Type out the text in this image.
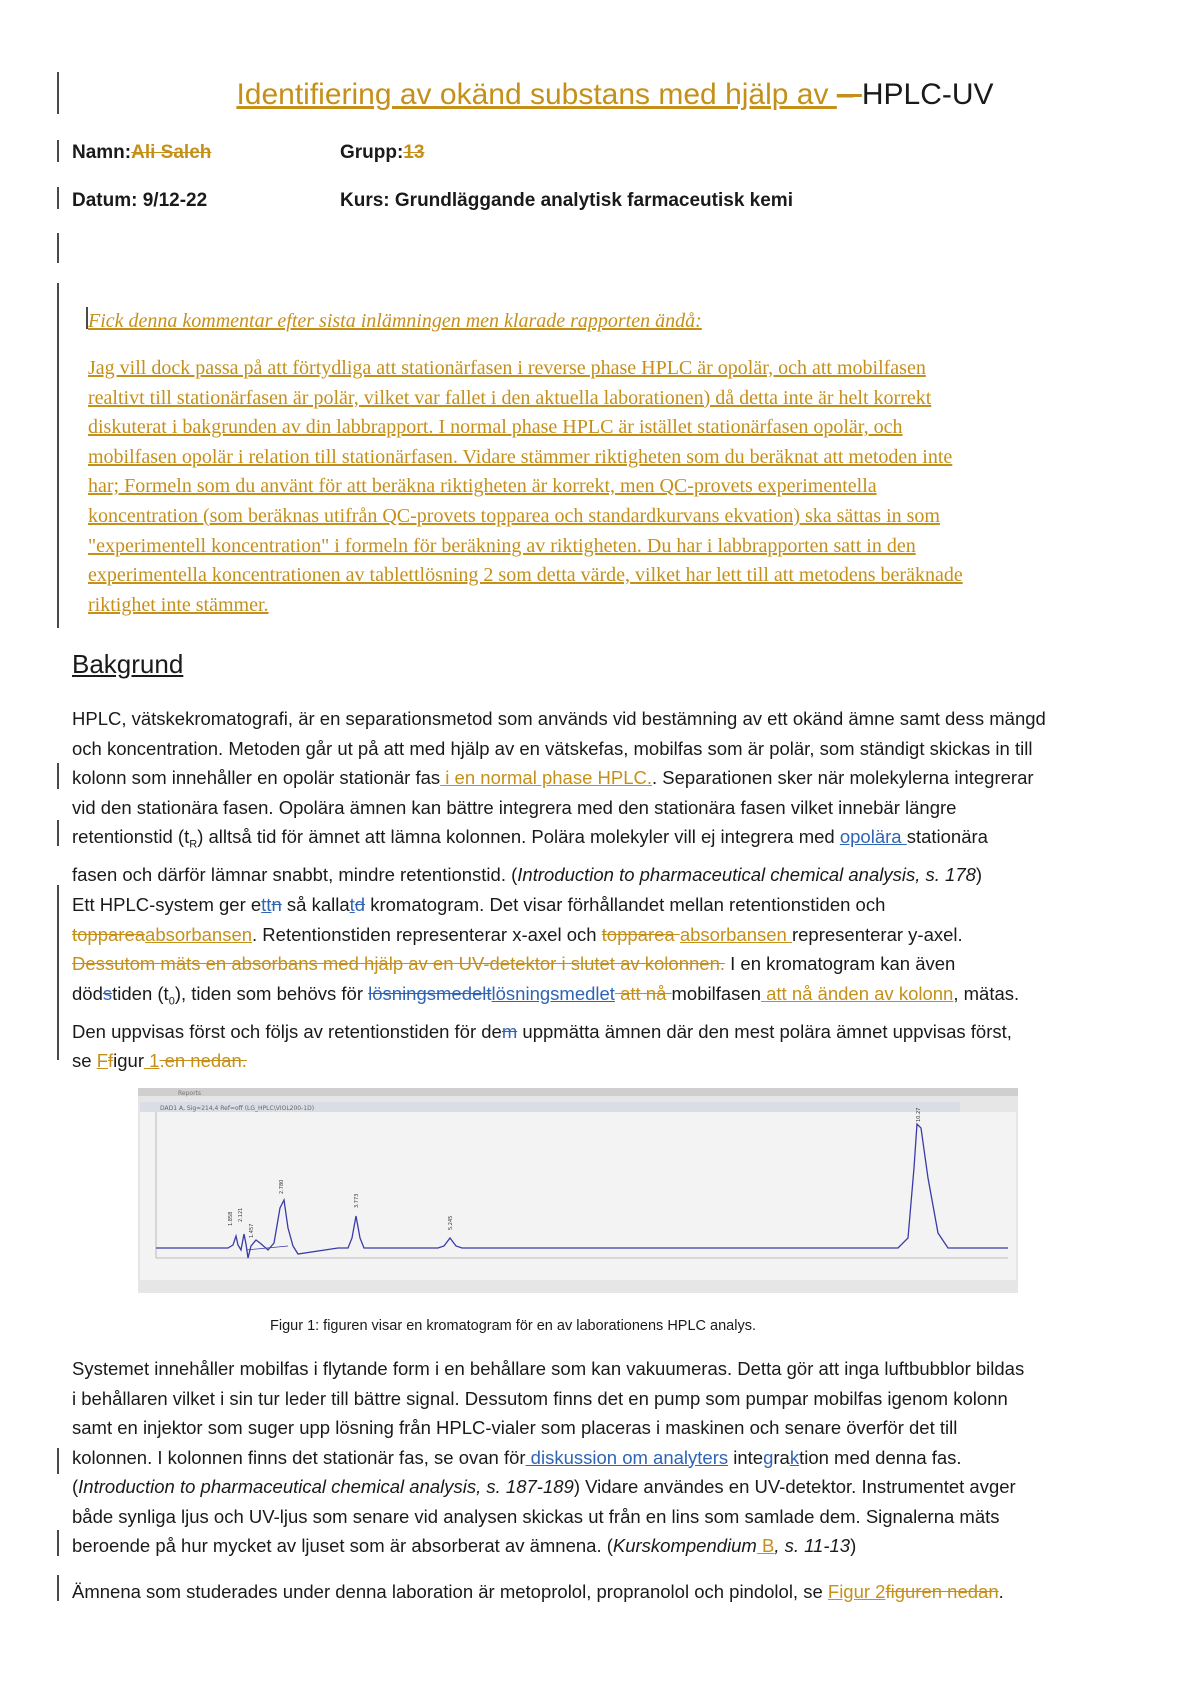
Identifiering av okänd substans med hjälp av – HPLC-UV
Namn:Ali Saleh	Grupp:13
Datum: 9/12-22	Kurs: Grundläggande analytisk farmaceutisk kemi
Fick denna kommentar efter sista inlämningen men klarade rapporten ändå:
Jag vill dock passa på att förtydliga att stationärfasen i reverse phase HPLC är opolär, och att mobilfasen
realtivt till stationärfasen är polär, vilket var fallet i den aktuella laborationen) då detta inte är helt korrekt
diskuterat i bakgrunden av din labbrapport. I normal phase HPLC är istället stationärfasen opolär, och
mobilfasen opolär i relation till stationärfasen. Vidare stämmer riktigheten som du beräknat att metoden inte
har; Formeln som du använt för att beräkna riktigheten är korrekt, men QC-provets experimentella
koncentration (som beräknas utifrån QC-provets topparea och standardkurvans ekvation) ska sättas in som
"experimentell koncentration" i formeln för beräkning av riktigheten. Du har i labbrapporten satt in den
experimentella koncentrationen av tablettlösning 2 som detta värde, vilket har lett till att metodens beräknade
riktighet inte stämmer.
Bakgrund
HPLC, vätskekromatografi, är en separationsmetod som används vid bestämning av ett okänd ämne samt dess mängd
och koncentration. Metoden går ut på att med hjälp av en vätskefas, mobilfas som är polär, som ständigt skickas in till
kolonn som innehåller en opolär stationär fas i en normal phase HPLC.. Separationen sker när molekylerna integrerar
vid den stationära fasen. Opolära ämnen kan bättre integrera med den stationära fasen vilket innebär längre
retentionstid $(t_R)$ alltså tid för ämnet att lämna kolonnen. Polära molekyler vill ej integrera med opolära stationära
fasen och därför lämnar snabbt, mindre retentionstid. (Introduction to pharmaceutical chemical analysis, s. 178)
Ett HPLC-system ger ettn så kallatd kromatogram. Det visar förhållandet mellan retentionstiden och
toppareaabsorbansen. Retentionstiden representerar x-axel och topparea absorbansen representerar y-axel.
Dessutom mäts en absorbans med hjälp av en UV-detektor i slutet av kolonnen. I en kromatogram kan även
dödstiden $(t_0)$, tiden som behövs för lösningsmedeltlösningsmedlet att nå mobilfasen att nå änden av kolonn, mätas.
Den uppvisas först och följs av retentionstiden för dem uppmätta ämnen där den mest polära ämnet uppvisas först,
se Ffigur 1.en nedan.
Reports
DAD1 A, Sig=214,4 Ref=off (LG_HPLC\VIOL200-1D)
1.858 2.121
1.457
2.780
3.773
5.245
10.27
Figur 1: figuren visar en kromatogram för en av laborationens HPLC analys.
Systemet innehåller mobilfas i flytande form i en behållare som kan vakuumeras. Detta gör att inga luftbubblor bildas
i behållaren vilket i sin tur leder till bättre signal. Dessutom finns det en pump som pumpar mobilfas igenom kolonn
samt en injektor som suger upp lösning från HPLC-vialer som placeras i maskinen och senare överför det till
kolonnen. I kolonnen finns det stationär fas, se ovan för diskussion om analyters integraktion med denna fas.
(Introduction to pharmaceutical chemical analysis, s. 187-189) Vidare användes en UV-detektor. Instrumentet avger
både synliga ljus och UV-ljus som senare vid analysen skickas ut från en lins som samlade dem. Signalerna mäts
beroende på hur mycket av ljuset som är absorberat av ämnena. (Kurskompendium B, s. 11-13)
Ämnena som studerades under denna laboration är metoprolol, propranolol och pindolol, se Figur 2figuren nedan.
